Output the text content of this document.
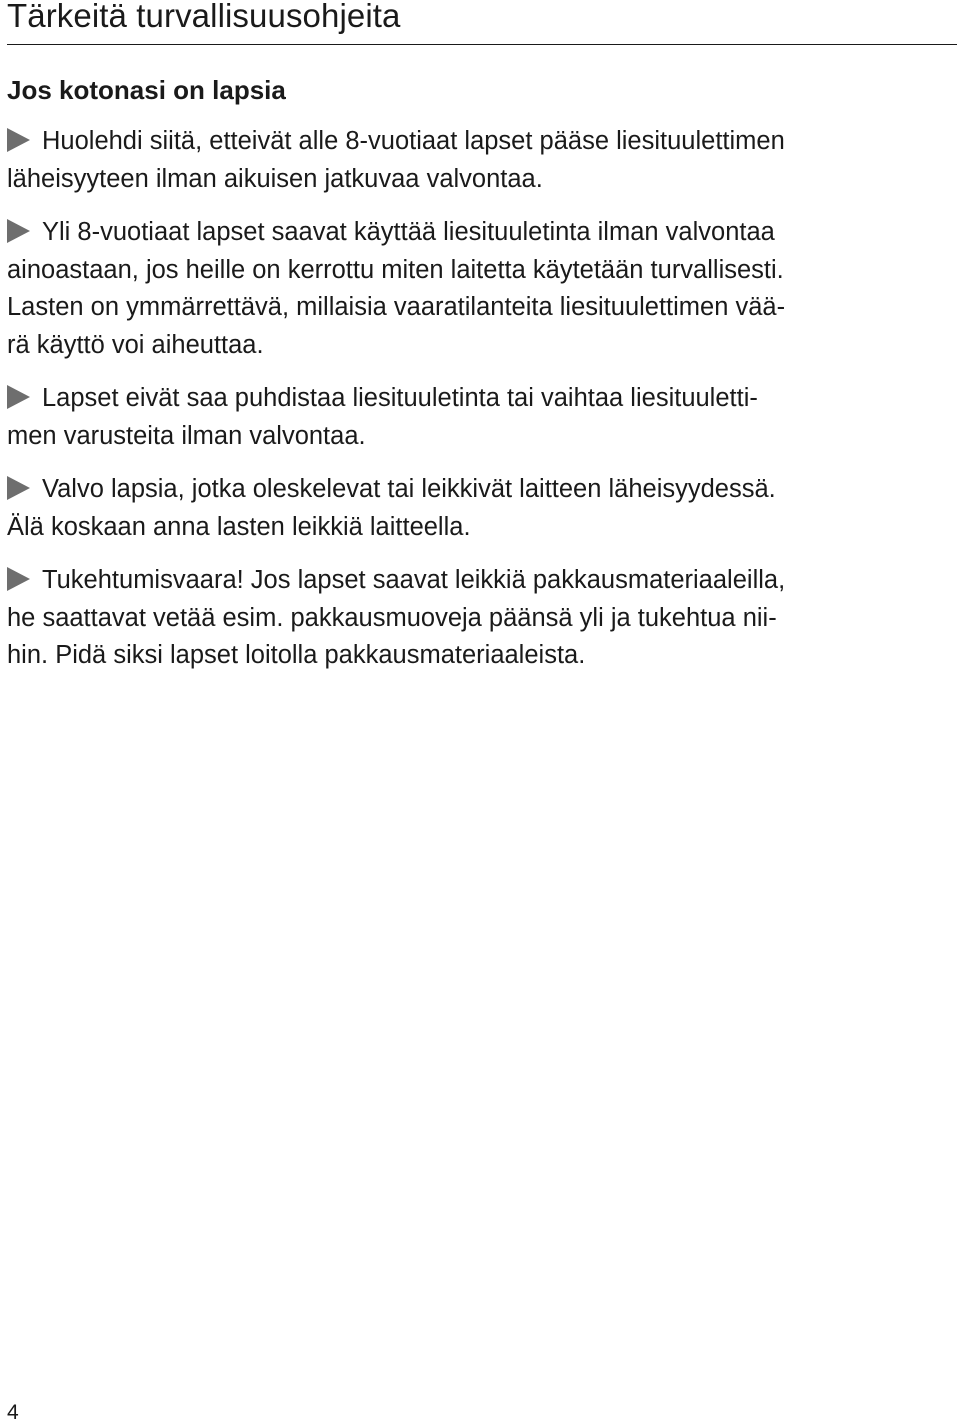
Tärkeitä turvallisuusohjeita
Jos kotonasi on lapsia

Huolehdi siitä, etteivät alle 8-vuotiaat lapset pääse liesituulettimen
läheisyyteen ilman aikuisen jatkuvaa valvontaa.

Yli 8-vuotiaat lapset saavat käyttää liesituuletinta ilman valvontaa
ainoastaan, jos heille on kerrottu miten laitetta käytetään turvallisesti.
Lasten on ymmärrettävä, millaisia vaaratilanteita liesituulettimen vää-
rä käyttö voi aiheuttaa.

Lapset eivät saa puhdistaa liesituuletinta tai vaihtaa liesituuletti-
men varusteita ilman valvontaa.

Valvo lapsia, jotka oleskelevat tai leikkivät laitteen läheisyydessä.
Älä koskaan anna lasten leikkiä laitteella.

Tukehtumisvaara! Jos lapset saavat leikkiä pakkausmateriaaleilla,
he saattavat vetää esim. pakkausmuoveja päänsä yli ja tukehtua nii-
hin. Pidä siksi lapset loitolla pakkausmateriaaleista.

4
